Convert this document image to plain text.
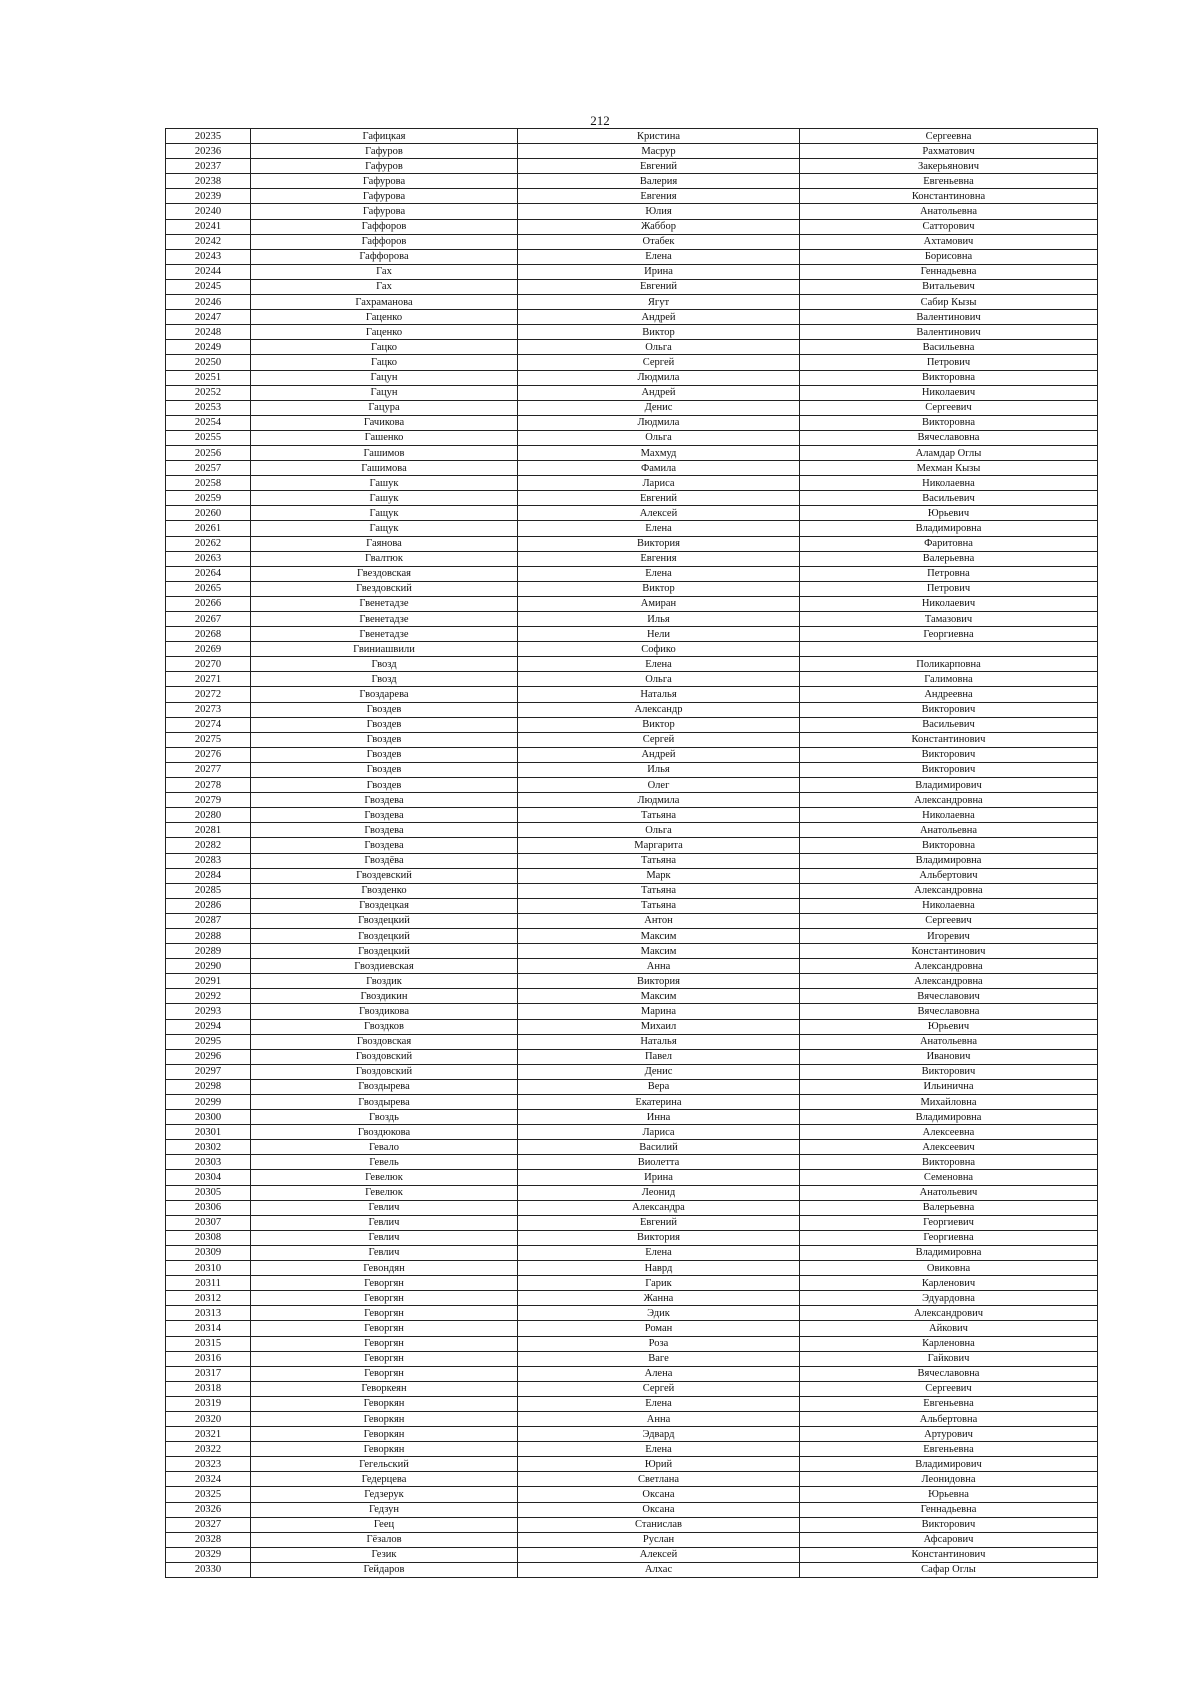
212
20235	Гафицкая	Кристина	Сергеевна
20236	Гафуров	Масрур	Рахматович
20237	Гафуров	Евгений	Закерьянович
20238	Гафурова	Валерия	Евгеньевна
20239	Гафурова	Евгения	Константиновна
20240	Гафурова	Юлия	Анатольевна
20241	Гаффоров	Жаббор	Сатторович
20242	Гаффоров	Отабек	Ахтамович
20243	Гаффорова	Елена	Борисовна
20244	Гах	Ирина	Геннадьевна
20245	Гах	Евгений	Витальевич
20246	Гахраманова	Ягут	Сабир Кызы
20247	Гаценко	Андрей	Валентинович
20248	Гаценко	Виктор	Валентинович
20249	Гацко	Ольга	Васильевна
20250	Гацко	Сергей	Петрович
20251	Гацун	Людмила	Викторовна
20252	Гацун	Андрей	Николаевич
20253	Гацура	Денис	Сергеевич
20254	Гачикова	Людмила	Викторовна
20255	Гашенко	Ольга	Вячеславовна
20256	Гашимов	Махмуд	Аламдар Оглы
20257	Гашимова	Фамила	Мехман Кызы
20258	Гашук	Лариса	Николаевна
20259	Гашук	Евгений	Васильевич
20260	Гащук	Алексей	Юрьевич
20261	Гащук	Елена	Владимировна
20262	Гаянова	Виктория	Фаритовна
20263	Гвалтюк	Евгения	Валерьевна
20264	Гвездовская	Елена	Петровна
20265	Гвездовский	Виктор	Петрович
20266	Гвенетадзе	Амиран	Николаевич
20267	Гвенетадзе	Илья	Тамазович
20268	Гвенетадзе	Нели	Георгиевна
20269	Гвиниашвили	Софико	
20270	Гвозд	Елена	Поликарповна
20271	Гвозд	Ольга	Галимовна
20272	Гвоздарева	Наталья	Андреевна
20273	Гвоздев	Александр	Викторович
20274	Гвоздев	Виктор	Васильевич
20275	Гвоздев	Сергей	Константинович
20276	Гвоздев	Андрей	Викторович
20277	Гвоздев	Илья	Викторович
20278	Гвоздев	Олег	Владимирович
20279	Гвоздева	Людмила	Александровна
20280	Гвоздева	Татьяна	Николаевна
20281	Гвоздева	Ольга	Анатольевна
20282	Гвоздева	Маргарита	Викторовна
20283	Гвоздёва	Татьяна	Владимировна
20284	Гвоздевский	Марк	Альбертович
20285	Гвозденко	Татьяна	Александровна
20286	Гвоздецкая	Татьяна	Николаевна
20287	Гвоздецкий	Антон	Сергеевич
20288	Гвоздецкий	Максим	Игоревич
20289	Гвоздецкий	Максим	Константинович
20290	Гвоздиевская	Анна	Александровна
20291	Гвоздик	Виктория	Александровна
20292	Гвоздикин	Максим	Вячеславович
20293	Гвоздикова	Марина	Вячеславовна
20294	Гвоздков	Михаил	Юрьевич
20295	Гвоздовская	Наталья	Анатольевна
20296	Гвоздовский	Павел	Иванович
20297	Гвоздовский	Денис	Викторович
20298	Гвоздырева	Вера	Ильинична
20299	Гвоздырева	Екатерина	Михайловна
20300	Гвоздь	Инна	Владимировна
20301	Гвоздюкова	Лариса	Алексеевна
20302	Гевало	Василий	Алексеевич
20303	Гевель	Виолетта	Викторовна
20304	Гевелюк	Ирина	Семеновна
20305	Гевелюк	Леонид	Анатольевич
20306	Гевлич	Александра	Валерьевна
20307	Гевлич	Евгений	Георгиевич
20308	Гевлич	Виктория	Георгиевна
20309	Гевлич	Елена	Владимировна
20310	Гевондян	Наврд	Овиковна
20311	Геворгян	Гарик	Карленович
20312	Геворгян	Жанна	Эдуардовна
20313	Геворгян	Эдик	Александрович
20314	Геворгян	Роман	Айкович
20315	Геворгян	Роза	Карленовна
20316	Геворгян	Ваге	Гайкович
20317	Геворгян	Алена	Вячеславовна
20318	Геворкеян	Сергей	Сергеевич
20319	Геворкян	Елена	Евгеньевна
20320	Геворкян	Анна	Альбертовна
20321	Геворкян	Эдвард	Артурович
20322	Геворкян	Елена	Евгеньевна
20323	Гегельский	Юрий	Владимирович
20324	Гедерцева	Светлана	Леонидовна
20325	Гедзерук	Оксана	Юрьевна
20326	Гедзун	Оксана	Геннадьевна
20327	Геец	Станислав	Викторович
20328	Гёзалов	Руслан	Афсарович
20329	Гезик	Алексей	Константинович
20330	Гейдаров	Алхас	Сафар Оглы
